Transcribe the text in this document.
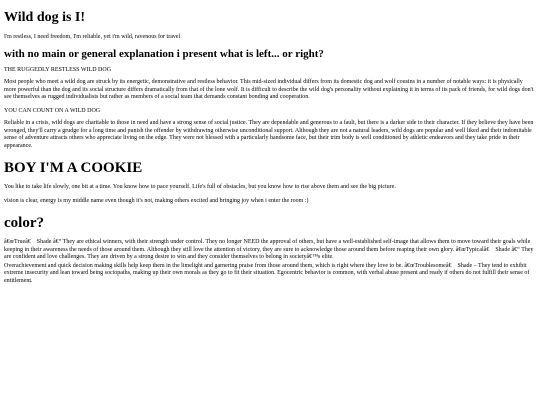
Wild dog is I!

I'm restless, I need freedom, I'm reliable, yet i'm wild, ravenous for travel

with no main or general explanation i present what is left... or right?

THE RUGGEDLY RESTLESS WILD DOG

Most people who meet a wild dog are struck by its energetic, demonstrative and restless behavior. This mid-sized individual differs from its domestic dog and wolf cousins in a number of notable ways: it is physically more powerful than the dog and its social structure differs dramatically from that of the lone wolf. It is difficult to describe the wild dog's personality without explaining it in terms of its pack of friends, for wild dogs don't see themselves as rugged individualists but rather as members of a social team that demands constant bonding and cooperation.

YOU CAN COUNT ON A WILD DOG

Reliable in a crisis, wild dogs are charitable to those in need and have a strong sense of social justice. They are dependable and generous to a fault, but there is a darker side to their character. If they believe they have been wronged, they'll carry a grudge for a long time and punish the offender by withdrawing otherwise unconditional support. Although they are not a natural leaders, wild dogs are popular and well liked and their indomitable sense of adventure attracts others who appreciate living on the edge. They were not blessed with a particularly handsome face, but their trim body is well conditioned by athletic endeavors and they take pride in their appearance.

BOY I'M A COOKIE

You like to take life slowly, one bit at a time. You know how to pace yourself. Life's full of obstacles, but you know how to rise above them and see the big picture.

vision is clear, energy is my middle name even though it's not, making others excited and bringing joy when i enter the room :)

color?

â€œTrueâ€    Shade â€“ They are ethical winners, with their strength under control. They no longer NEED the approval of others, but have a well-established self-image that allows them to move toward their goals while keeping in their awareness the needs of those around them. Although they still love the attention of victory, they are sure to acknowledge those around them before reaping their own glory. â€œTypicalâ€    Shade â€“ They are confident and love challenges. They are driven by a strong desire to win and they consider themselves to belong in societyâ€™s elite.

Overachievement and quick decision making skills help keep them in the limelight and garnering praise from those around them, which is right where they love to be. â€œTroublesomeâ€    Shade – They tend to exhibit extreme insecurity and lean toward being sociopaths, making up their own morals as they go to fit their situation. Egocentric behavior is common, with verbal abuse present and ready if others do not fulfill their sense of entitlement.
